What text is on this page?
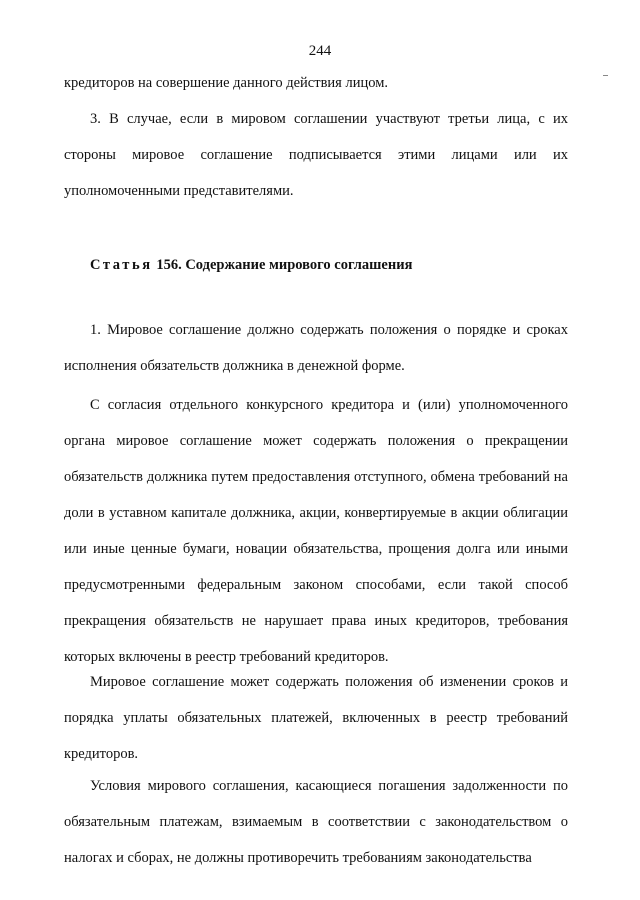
244

кредиторов на совершение данного действия лицом.

3. В случае, если в мировом соглашении участвуют третьи лица, с их стороны мировое соглашение подписывается этими лицами или их уполномоченными представителями.

Статья 156. Содержание мирового соглашения

1. Мировое соглашение должно содержать положения о порядке и сроках исполнения обязательств должника в денежной форме.

С согласия отдельного конкурсного кредитора и (или) уполномоченного органа мировое соглашение может содержать положения о прекращении обязательств должника путем предоставления отступного, обмена требований на доли в уставном капитале должника, акции, конвертируемые в акции облигации или иные ценные бумаги, новации обязательства, прощения долга или иными предусмотренными федеральным законом способами, если такой способ прекращения обязательств не нарушает права иных кредиторов, требования которых включены в реестр требований кредиторов.

Мировое соглашение может содержать положения об изменении сроков и порядка уплаты обязательных платежей, включенных в реестр требований кредиторов.

Условия мирового соглашения, касающиеся погашения задолженности по обязательным платежам, взимаемым в соответствии с законодательством о налогах и сборах, не должны противоречить требованиям законодательства
